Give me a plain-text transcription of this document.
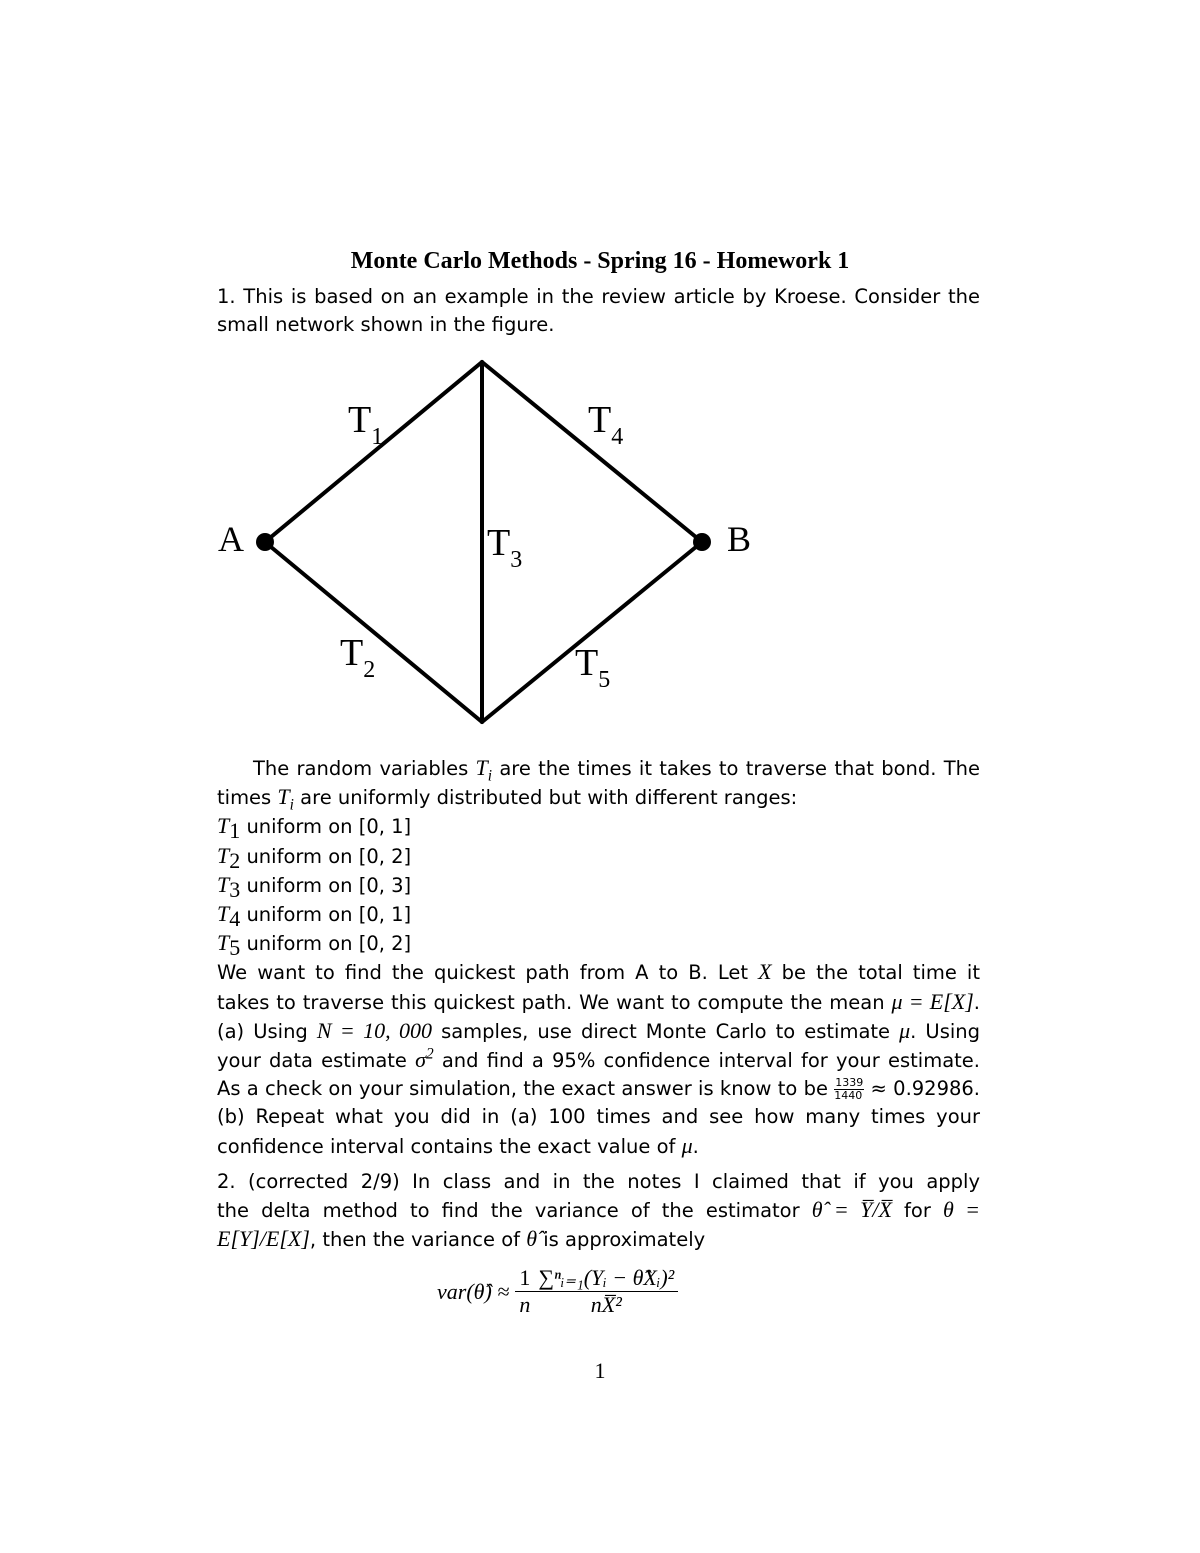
Monte Carlo Methods - Spring 16 - Homework 1
1. This is based on an example in the review article by Kroese. Consider the
small network shown in the figure.
A	B
$T_1$
$T_2$
$T_3$
$T_4$
$T_5$
The random variables $T_i$ are the times it takes to traverse that bond. The
times $T_i$ are uniformly distributed but with different ranges:
$T_1$ uniform on [0, 1]
$T_2$ uniform on [0, 2]
$T_3$ uniform on [0, 3]
$T_4$ uniform on [0, 1]
$T_5$ uniform on [0, 2]
We want to find the quickest path from A to B. Let X be the total time it
takes to traverse this quickest path. We want to compute the mean μ = E[X].
(a) Using N = 10, 000 samples, use direct Monte Carlo to estimate μ. Using
your data estimate $\sigma^2$ and find a 95% confidence interval for your estimate.
As a check on your simulation, the exact answer is know to be $\frac{1339}{1440} \approx 0.92986$.
(b) Repeat what you did in (a) 100 times and see how many times your
confidence interval contains the exact value of μ.
2. (corrected 2/9) In class and in the notes I claimed that if you apply
the delta method to find the variance of the estimator θ̂ = Y̅/X̅ for θ =
E[Y]/E[X], then the variance of θ̂ is approximately
var(θ̂) ≈	1	∑ⁿᵢ₌₁(Yᵢ − θ̂Xᵢ)²
	n	nX̅²
1
